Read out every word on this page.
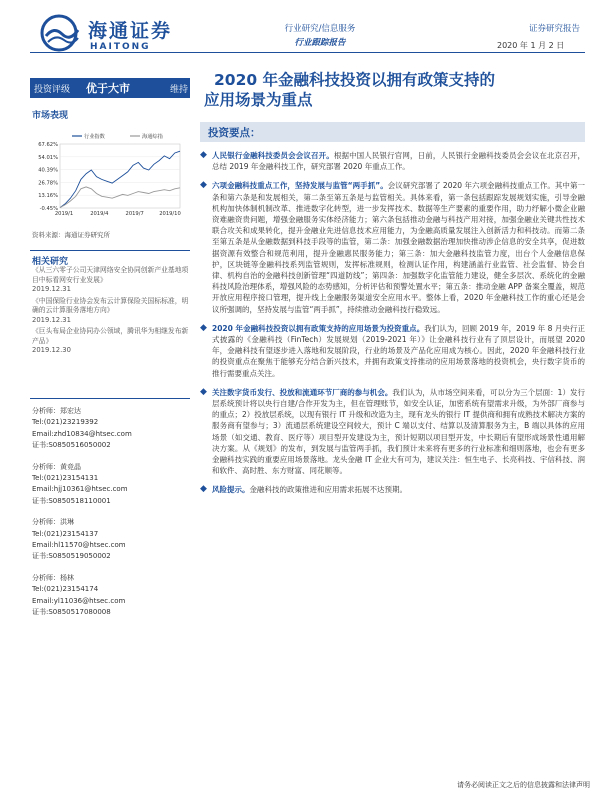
海通证券
HAITONG
行业研究/信息服务
行业跟踪报告
证券研究报告
2020 年 1 月 2 日
投资评级 优于大市	维持
市场表现
67.62%
54.01%
40.39%
26.78%
13.16%
-0.45%
2019/1	2019/4	2019/7	2019/10
行业指数	海通综指
资料来源：海通证券研究所
相关研究
《从三六零子公司天津网络安全协同创新产业基地项目中标看网安行业发展》
2019.12.31
《中国保险行业协会发布云计算保险关国标标准，明确的云计算服务落地方向》
2019.12.31
《巨头布局企业协同办公领域，腾讯华为相继发布新产品》
2019.12.30
分析师：郑宏达
Tel:(021)23219392
Email:zhd10834@htsec.com
证书:S0850516050002
分析师：黄竞晶
Tel:(021)23154131
Email:hjj10361@htsec.com
证书:S0850518110001
分析师：洪琳
Tel:(021)23154137
Email:hl11570@htsec.com
证书:S0850519050002
分析师：杨林
Tel:(021)23154174
Email:yl11036@htsec.com
证书:S0850517080008
2020 年金融科技投资以拥有政策支持的
应用场景为重点
投资要点：
◆ 人民银行金融科技委员会会议召开。根据中国人民银行官网，日前，人民银行金融科技委员会会议在北京召开，总结 2019 年金融科技工作，研究部署 2020 年重点工作。
◆ 六项金融科技重点工作，坚持发展与监管“两手抓”。会议研究部署了 2020 年六项金融科技重点工作。其中第一条和第六条是和发展相关，第二条至第五条是与监管相关。具体来看，第一条包括跟踪发展规划实施，引导金融机构加快体制机制改革、推进数字化转型，进一步发挥技术、数据等生产要素的重要作用，助力纾解小微企业融资难融资贵问题，增强金融服务实体经济能力；第六条包括推动金融与科技产用对接，加强金融业关键共性技术联合攻关和成果转化，提升金融业先进信息技术应用能力，为金融高质量发展注入创新活力和科技动。而第二条至第五条是从金融数据到科技手段等的监管，第二条：加强金融数据治理加快推动涉企信息的安全共享，促进数据资源有效整合和规范利用，提升金融惠民服务能力；第三条：加大金融科技监管力度，出台个人金融信息保护，区块链等金融科技系列监管规则，发挥标准规则，检测认证作用，构建涵盖行业监管、社会监督、协会自律、机构自治的金融科技创新管理“四道防线”；第四条：加强数字化监管能力建设，健全多层次、系统化的金融科技风险治理体系，增强风险的态势感知，分析评估和预警处置水平；第五条：推动金融 APP 备案全覆盖，规范开放应用程序接口管理，提升线上金融服务渠道安全应用水平。整体上看，2020 年金融科技工作的重心还是会议所强调的，坚持发展与监管“两手抓”，持续推动金融科技行稳致远。
◆ 2020 年金融科技投资以拥有政策支持的应用场景为投资重点。我们认为，回顾 2019 年，2019 年 8 月央行正式披露的《金融科技（FinTech）发展规划（2019-2021 年）》让金融科技行业有了顶层设计，而展望 2020 年，金融科技有望逐步进入落地和发展阶段，行业的场景及产品化应用成为核心。因此，2020 年金融科技行业的投资重点在聚焦于能够充分结合新兴技术，并拥有政策支持推动的应用场景落地的投资机会，央行数字货币的推行需要重点关注。
◆ 关注数字货币发行、投放和流通环节厂商的参与机会。我们认为，从市场空间来看，可以分为三个层面：1）发行层系统预计将以央行自建/合作开发为主，但在管理账节，如安全认证，加密系统有望需求升级，为外部厂商参与的重点；2）投放层系统，以现有银行 IT 升级和改造为主，现有龙头的银行 IT 提供商和拥有成熟技术解决方案的服务商有望参与；3）流通层系统建设空间较大，预计 C 端以支付、结算以及清算服务为主，B 端以具体的应用场景（如交通、教育、医疗等）项目型开发建设为主，预计短期以项目型开发，中长期后有望形成场景性通用解决方案。从《规划》的发布，到发展与监管两手抓，我们预计未来将有更多的行业标准和细则落地，也会有更多金融科技实践的重要应用场景落地。龙头金融 IT 企业大有可为，建议关注：恒生电子、长亮科技、宇信科技、润和软件、高时胜、东方财富、同花顺等。
◆ 风险提示。金融科技的政策推进和应用需求拓展不达预期。
请务必阅读正文之后的信息披露和法律声明
